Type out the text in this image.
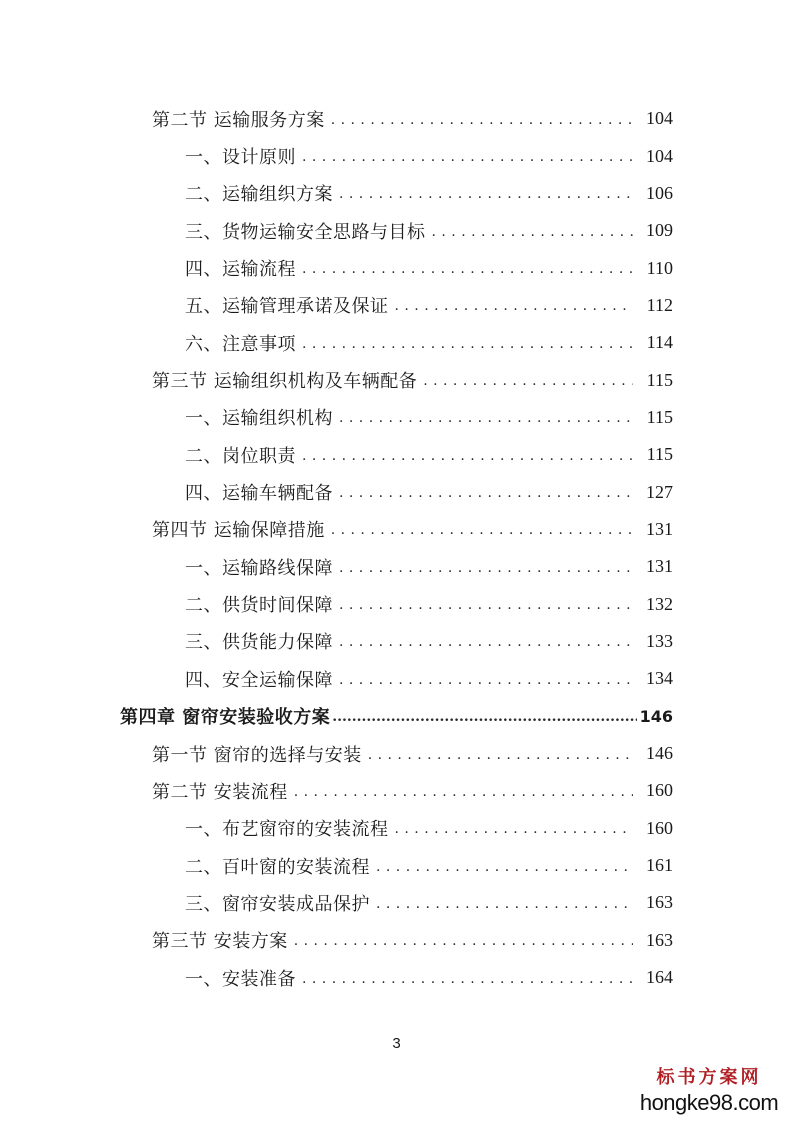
第二节 运输服务方案 . . .	104
一、设计原则 . . .	104
二、运输组织方案 . . .	106
三、货物运输安全思路与目标 . . .	109
四、运输流程 . . .	110
五、运输管理承诺及保证 . . .	112
六、注意事项 . . .	114
第三节 运输组织机构及车辆配备 . . .	115
一、运输组织机构 . . .	115
二、岗位职责 . . .	115
四、运输车辆配备 . . .	127
第四节 运输保障措施 . . .	131
一、运输路线保障 . . .	131
二、供货时间保障 . . .	132
三、供货能力保障 . . .	133
四、安全运输保障 . . .	134
第四章 窗帘安装验收方案 .....	146
第一节 窗帘的选择与安装 . . .	146
第二节 安装流程 . . .	160
一、布艺窗帘的安装流程 . . .	160
二、百叶窗的安装流程 . . .	161
三、窗帘安装成品保护 . . .	163
第三节 安装方案 . . .	163
一、安装准备 . . .	164
3
标书方案网
hongke98.com
